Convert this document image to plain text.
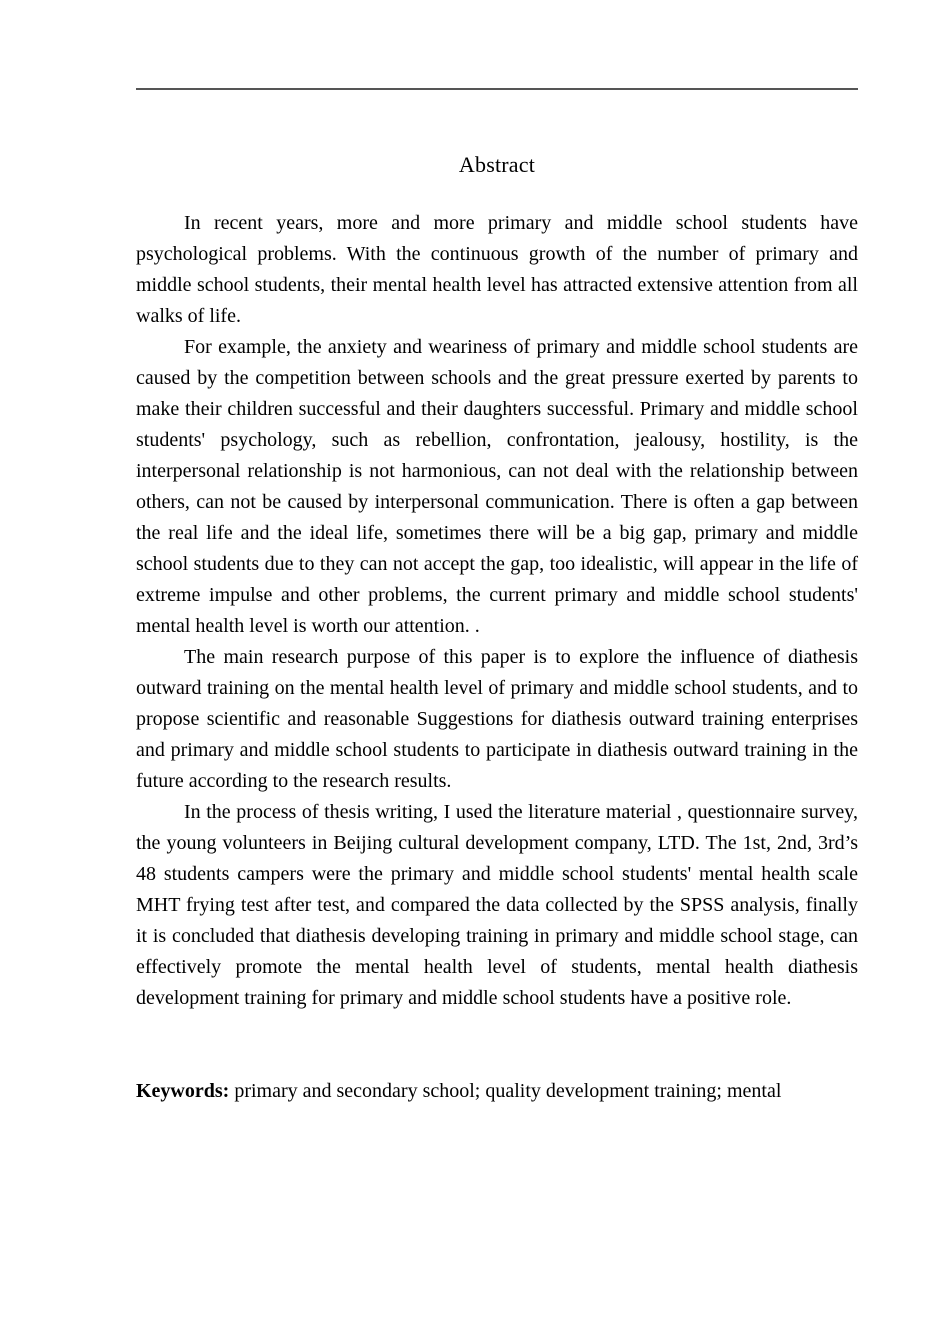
Abstract

In recent years, more and more primary and middle school students have psychological problems. With the continuous growth of the number of primary and middle school students, their mental health level has attracted extensive attention from all walks of life.

For example, the anxiety and weariness of primary and middle school students are caused by the competition between schools and the great pressure exerted by parents to make their children successful and their daughters successful. Primary and middle school students' psychology, such as rebellion, confrontation, jealousy, hostility, is the interpersonal relationship is not harmonious, can not deal with the relationship between others, can not be caused by interpersonal communication. There is often a gap between the real life and the ideal life, sometimes there will be a big gap, primary and middle school students due to they can not accept the gap, too idealistic, will appear in the life of extreme impulse and other problems, the current primary and middle school students' mental health level is worth our attention. .

The main research purpose of this paper is to explore the influence of diathesis outward training on the mental health level of primary and middle school students, and to propose scientific and reasonable Suggestions for diathesis outward training enterprises and primary and middle school students to participate in diathesis outward training in the future according to the research results.

In the process of thesis writing, I used the literature material , questionnaire survey, the young volunteers in Beijing cultural development company, LTD. The 1st, 2nd, 3rd’s 48 students campers were the primary and middle school students' mental health scale MHT frying test after test, and compared the data collected by the SPSS analysis, finally it is concluded that diathesis developing training in primary and middle school stage, can effectively promote the mental health level of students, mental health diathesis development training for primary and middle school students have a positive role.

Keywords: primary and secondary school; quality development training; mental
